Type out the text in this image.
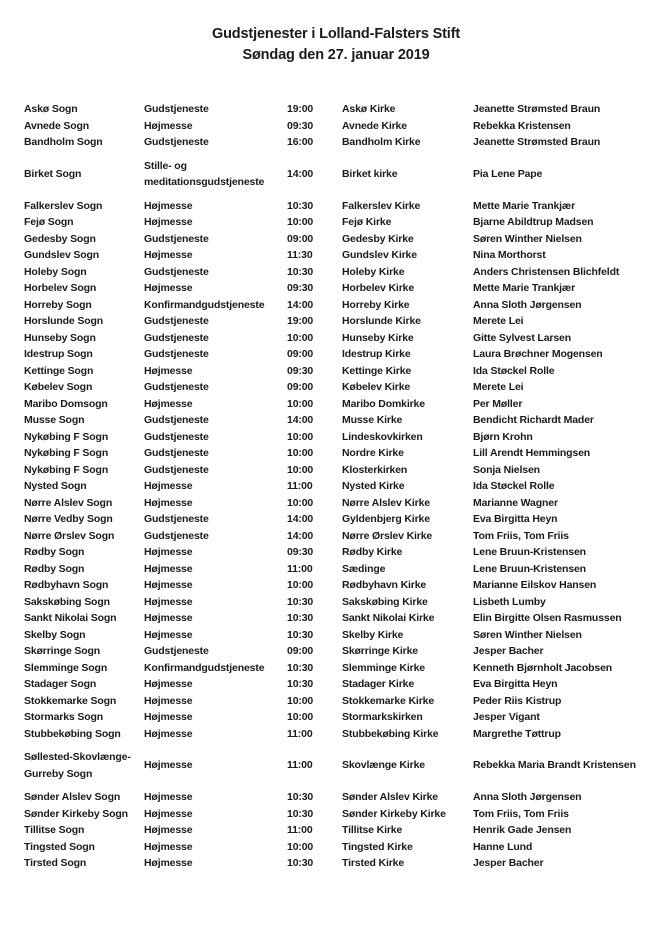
Gudstjenester i Lolland-Falsters Stift
Søndag den 27. januar 2019
Askø Sogn	Gudstjeneste	19:00	Askø Kirke	Jeanette Strømsted Braun
Avnede Sogn	Højmesse	09:30	Avnede Kirke	Rebekka Kristensen
Bandholm Sogn	Gudstjeneste	16:00	Bandholm Kirke	Jeanette Strømsted Braun
Birket Sogn	Stille- og meditationsgudstjeneste	14:00	Birket kirke	Pia Lene Pape
Falkerslev Sogn	Højmesse	10:30	Falkerslev Kirke	Mette Marie Trankjær
Fejø Sogn	Højmesse	10:00	Fejø Kirke	Bjarne Abildtrup Madsen
Gedesby Sogn	Gudstjeneste	09:00	Gedesby Kirke	Søren Winther Nielsen
Gundslev Sogn	Højmesse	11:30	Gundslev Kirke	Nina Morthorst
Holeby Sogn	Gudstjeneste	10:30	Holeby Kirke	Anders Christensen Blichfeldt
Horbelev Sogn	Højmesse	09:30	Horbelev Kirke	Mette Marie Trankjær
Horreby Sogn	Konfirmandgudstjeneste	14:00	Horreby Kirke	Anna Sloth Jørgensen
Horslunde Sogn	Gudstjeneste	19:00	Horslunde Kirke	Merete Lei
Hunseby Sogn	Gudstjeneste	10:00	Hunseby Kirke	Gitte Sylvest Larsen
Idestrup Sogn	Gudstjeneste	09:00	Idestrup Kirke	Laura Brøchner Mogensen
Kettinge Sogn	Højmesse	09:30	Kettinge Kirke	Ida Støckel Rolle
Købelev Sogn	Gudstjeneste	09:00	Købelev Kirke	Merete Lei
Maribo Domsogn	Højmesse	10:00	Maribo Domkirke	Per Møller
Musse Sogn	Gudstjeneste	14:00	Musse Kirke	Bendicht Richardt Mader
Nykøbing F Sogn	Gudstjeneste	10:00	Lindeskovkirken	Bjørn Krohn
Nykøbing F Sogn	Gudstjeneste	10:00	Nordre Kirke	Lill Arendt Hemmingsen
Nykøbing F Sogn	Gudstjeneste	10:00	Klosterkirken	Sonja Nielsen
Nysted Sogn	Højmesse	11:00	Nysted Kirke	Ida Støckel Rolle
Nørre Alslev Sogn	Højmesse	10:00	Nørre Alslev Kirke	Marianne Wagner
Nørre Vedby Sogn	Gudstjeneste	14:00	Gyldenbjerg Kirke	Eva Birgitta Heyn
Nørre Ørslev Sogn	Gudstjeneste	14:00	Nørre Ørslev Kirke	Tom Friis, Tom Friis
Rødby Sogn	Højmesse	09:30	Rødby Kirke	Lene Bruun-Kristensen
Rødby Sogn	Højmesse	11:00	Sædinge	Lene Bruun-Kristensen
Rødbyhavn Sogn	Højmesse	10:00	Rødbyhavn Kirke	Marianne Eilskov Hansen
Sakskøbing Sogn	Højmesse	10:30	Sakskøbing Kirke	Lisbeth Lumby
Sankt Nikolai Sogn	Højmesse	10:30	Sankt Nikolai Kirke	Elin Birgitte Olsen Rasmussen
Skelby Sogn	Højmesse	10:30	Skelby Kirke	Søren Winther Nielsen
Skørringe Sogn	Gudstjeneste	09:00	Skørringe Kirke	Jesper Bacher
Slemminge Sogn	Konfirmandgudstjeneste	10:30	Slemminge Kirke	Kenneth Bjørnholt Jacobsen
Stadager Sogn	Højmesse	10:30	Stadager Kirke	Eva Birgitta Heyn
Stokkemarke Sogn	Højmesse	10:00	Stokkemarke Kirke	Peder Riis Kistrup
Stormarks Sogn	Højmesse	10:00	Stormarkskirken	Jesper Vigant
Stubbekøbing Sogn	Højmesse	11:00	Stubbekøbing Kirke	Margrethe Tøttrup
Søllested-Skovlænge-Gurreby Sogn	Højmesse	11:00	Skovlænge Kirke	Rebekka Maria Brandt Kristensen
Sønder Alslev Sogn	Højmesse	10:30	Sønder Alslev Kirke	Anna Sloth Jørgensen
Sønder Kirkeby Sogn	Højmesse	10:30	Sønder Kirkeby Kirke	Tom Friis, Tom Friis
Tillitse Sogn	Højmesse	11:00	Tillitse Kirke	Henrik Gade Jensen
Tingsted Sogn	Højmesse	10:00	Tingsted Kirke	Hanne Lund
Tirsted Sogn	Højmesse	10:30	Tirsted Kirke	Jesper Bacher
